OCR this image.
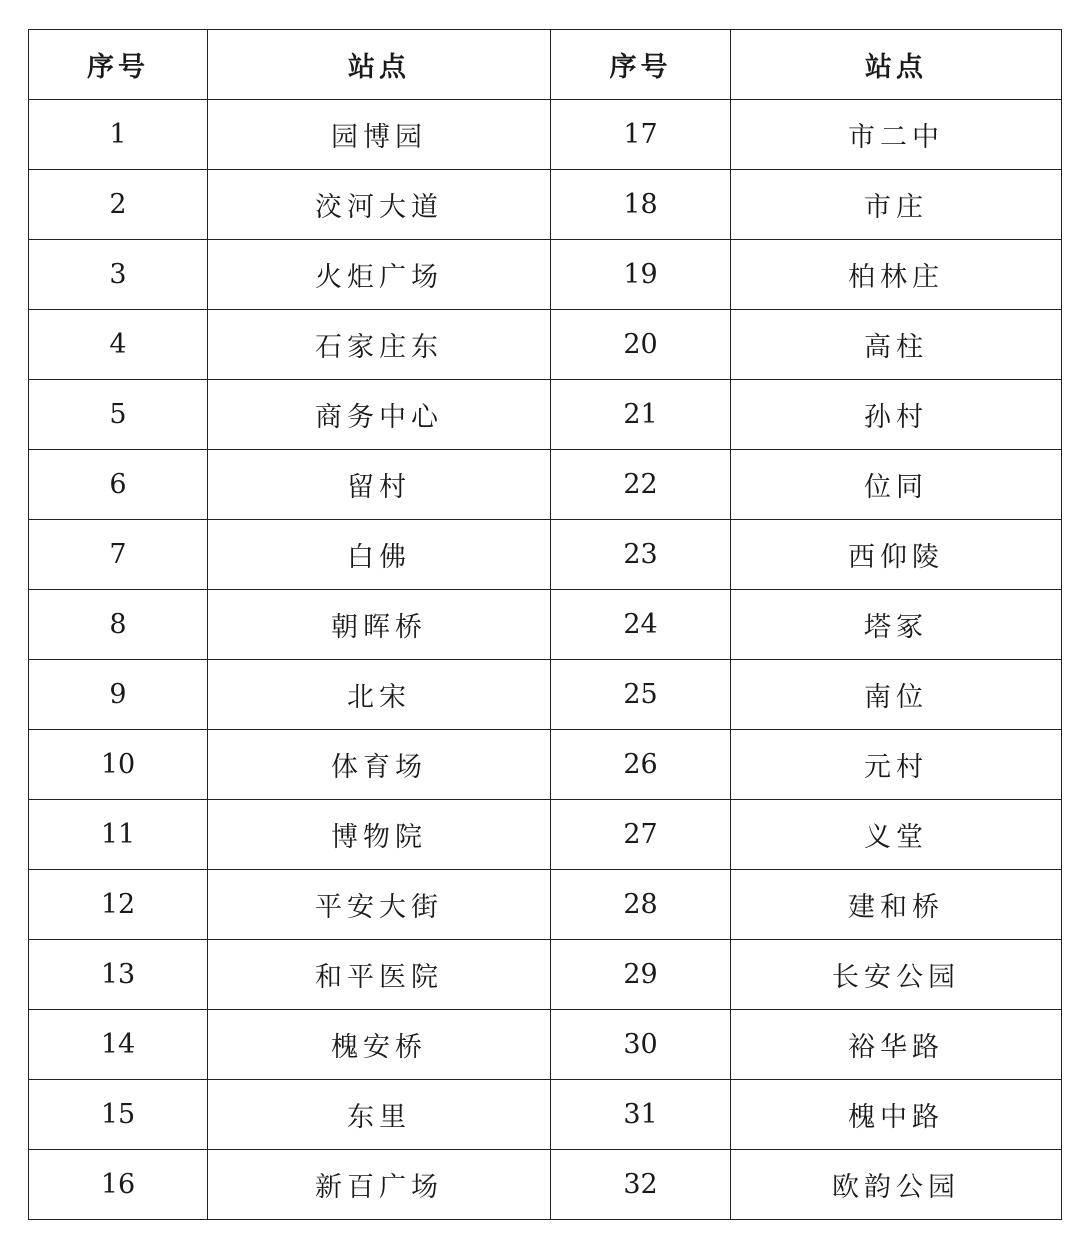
序号	站点	序号	站点
1	园博园	17	市二中
2	洨河大道	18	市庄
3	火炬广场	19	柏林庄
4	石家庄东	20	高柱
5	商务中心	21	孙村
6	留村	22	位同
7	白佛	23	西仰陵
8	朝晖桥	24	塔冢
9	北宋	25	南位
10	体育场	26	元村
11	博物院	27	义堂
12	平安大街	28	建和桥
13	和平医院	29	长安公园
14	槐安桥	30	裕华路
15	东里	31	槐中路
16	新百广场	32	欧韵公园
